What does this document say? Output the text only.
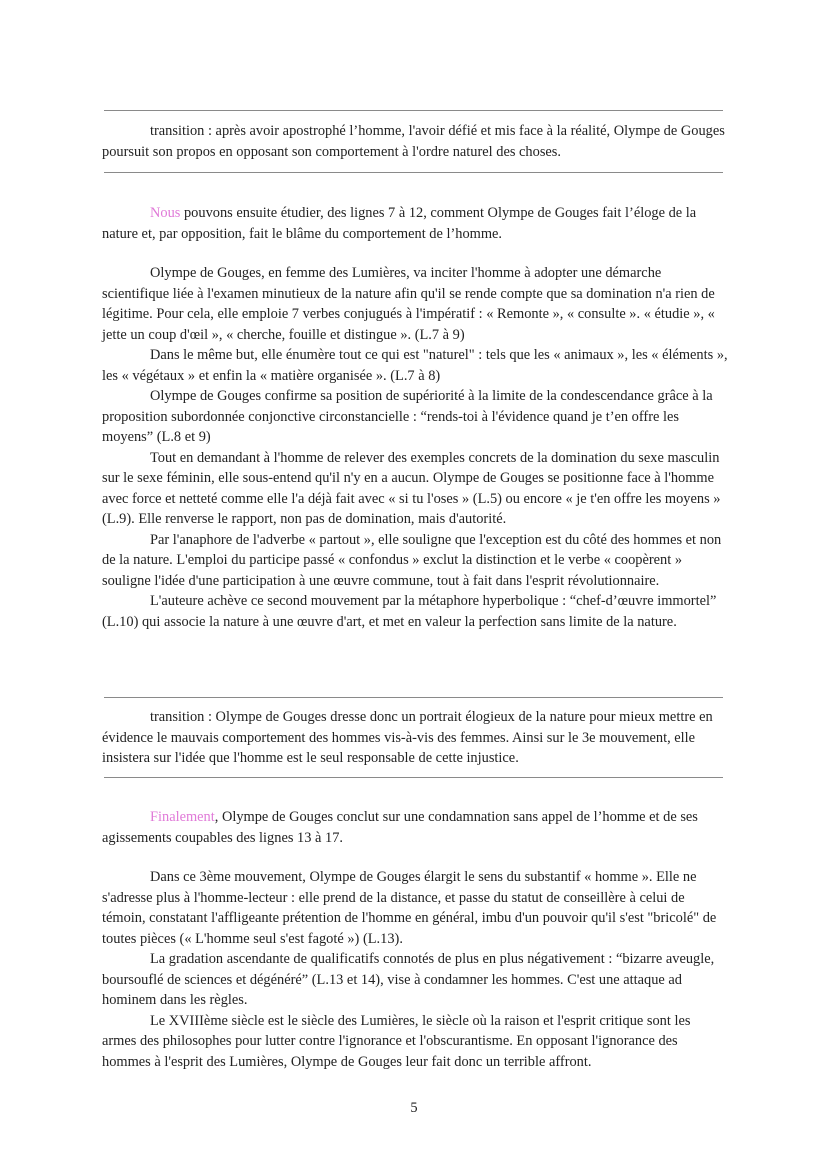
transition : après avoir apostrophé l’homme, l'avoir défié et mis face à la réalité, Olympe de Gouges poursuit son propos en opposant son comportement à l'ordre naturel des choses.

Nous pouvons ensuite étudier, des lignes 7 à 12, comment Olympe de Gouges fait l’éloge de la nature et, par opposition, fait le blâme du comportement de l’homme.

Olympe de Gouges, en femme des Lumières, va inciter l'homme à adopter une démarche scientifique liée à l'examen minutieux de la nature afin qu'il se rende compte que sa domination n'a rien de légitime. Pour cela, elle emploie 7 verbes conjugués à l'impératif : « Remonte », « consulte ». « étudie », « jette un coup d'œil », « cherche, fouille et distingue ». (L.7 à 9)

Dans le même but, elle énumère tout ce qui est "naturel" : tels que les « animaux », les « éléments », les « végétaux » et enfin la « matière organisée ». (L.7 à 8)

Olympe de Gouges confirme sa position de supériorité à la limite de la condescendance grâce à la proposition subordonnée conjonctive circonstancielle : “rends-toi à l'évidence quand je t’en offre les moyens” (L.8 et 9)

Tout en demandant à l'homme de relever des exemples concrets de la domination du sexe masculin sur le sexe féminin, elle sous-entend qu'il n'y en a aucun. Olympe de Gouges se positionne face à l'homme avec force et netteté comme elle l'a déjà fait avec « si tu l'oses » (L.5) ou encore « je t'en offre les moyens » (L.9). Elle renverse le rapport, non pas de domination, mais d'autorité.

Par l'anaphore de l'adverbe « partout », elle souligne que l'exception est du côté des hommes et non de la nature. L'emploi du participe passé « confondus » exclut la distinction et le verbe « coopèrent » souligne l'idée d'une participation à une œuvre commune, tout à fait dans l'esprit révolutionnaire.

L'auteure achève ce second mouvement par la métaphore hyperbolique : “chef-d’œuvre immortel” (L.10) qui associe la nature à une œuvre d'art, et met en valeur la perfection sans limite de la nature.

transition : Olympe de Gouges dresse donc un portrait élogieux de la nature pour mieux mettre en évidence le mauvais comportement des hommes vis-à-vis des femmes. Ainsi sur le 3e mouvement, elle insistera sur l'idée que l'homme est le seul responsable de cette injustice.

Finalement, Olympe de Gouges conclut sur une condamnation sans appel de l’homme et de ses agissements coupables des lignes 13 à 17.

Dans ce 3ème mouvement, Olympe de Gouges élargit le sens du substantif « homme ». Elle ne s'adresse plus à l'homme-lecteur : elle prend de la distance, et passe du statut de conseillère à celui de témoin, constatant l'affligeante prétention de l'homme en général, imbu d'un pouvoir qu'il s'est "bricolé" de toutes pièces (« L'homme seul s'est fagoté ») (L.13).

La gradation ascendante de qualificatifs connotés de plus en plus négativement : “bizarre aveugle, boursouflé de sciences et dégénéré” (L.13 et 14), vise à condamner les hommes. C'est une attaque ad hominem dans les règles.

Le XVIIIème siècle est le siècle des Lumières, le siècle où la raison et l'esprit critique sont les armes des philosophes pour lutter contre l'ignorance et l'obscurantisme. En opposant l'ignorance des hommes à l'esprit des Lumières, Olympe de Gouges leur fait donc un terrible affront.

5
